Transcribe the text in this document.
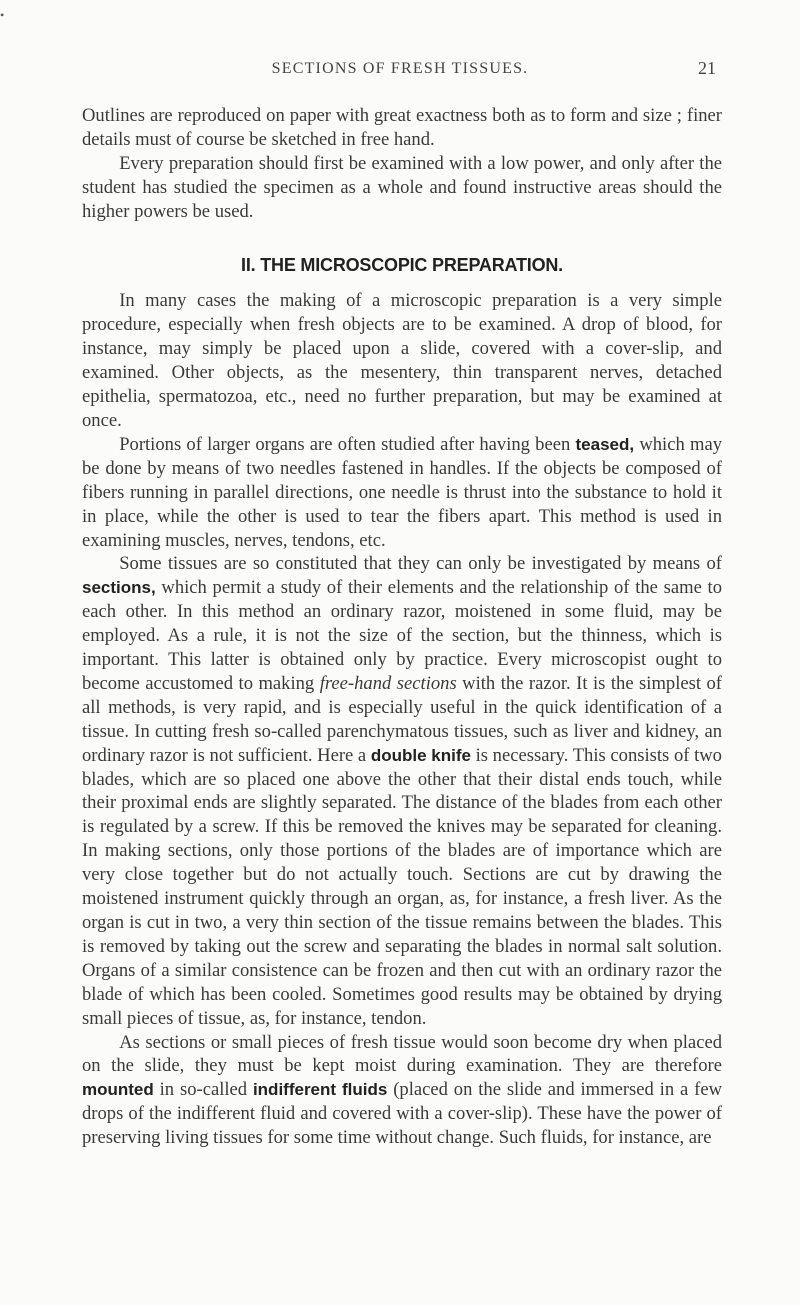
•
SECTIONS OF FRESH TISSUES.	21

Outlines are reproduced on paper with great exactness both as to form and size ; finer details must of course be sketched in free hand.

Every preparation should first be examined with a low power, and only after the student has studied the specimen as a whole and found instructive areas should the higher powers be used.

II. THE MICROSCOPIC PREPARATION.

In many cases the making of a microscopic preparation is a very simple procedure, especially when fresh objects are to be examined. A drop of blood, for instance, may simply be placed upon a slide, covered with a cover-slip, and examined. Other objects, as the mesentery, thin transparent nerves, detached epithelia, spermatozoa, etc., need no further preparation, but may be examined at once.

Portions of larger organs are often studied after having been teased, which may be done by means of two needles fastened in handles. If the objects be composed of fibers running in parallel directions, one needle is thrust into the substance to hold it in place, while the other is used to tear the fibers apart. This method is used in examining muscles, nerves, tendons, etc.

Some tissues are so constituted that they can only be investigated by means of sections, which permit a study of their elements and the relationship of the same to each other. In this method an ordinary razor, moistened in some fluid, may be employed. As a rule, it is not the size of the section, but the thinness, which is important. This latter is obtained only by practice. Every microscopist ought to become accustomed to making free-hand sections with the razor. It is the simplest of all methods, is very rapid, and is especially useful in the quick identification of a tissue. In cutting fresh so-called parenchymatous tissues, such as liver and kidney, an ordinary razor is not sufficient. Here a double knife is necessary. This consists of two blades, which are so placed one above the other that their distal ends touch, while their proximal ends are slightly separated. The distance of the blades from each other is regulated by a screw. If this be removed the knives may be separated for cleaning. In making sections, only those portions of the blades are of importance which are very close together but do not actually touch. Sections are cut by drawing the moistened instrument quickly through an organ, as, for instance, a fresh liver. As the organ is cut in two, a very thin section of the tissue remains between the blades. This is removed by taking out the screw and separating the blades in normal salt solution. Organs of a similar consistence can be frozen and then cut with an ordinary razor the blade of which has been cooled. Sometimes good results may be obtained by drying small pieces of tissue, as, for instance, tendon.

As sections or small pieces of fresh tissue would soon become dry when placed on the slide, they must be kept moist during examination. They are therefore mounted in so-called indifferent fluids (placed on the slide and immersed in a few drops of the indifferent fluid and covered with a cover-slip). These have the power of preserving living tissues for some time without change. Such fluids, for instance, are
